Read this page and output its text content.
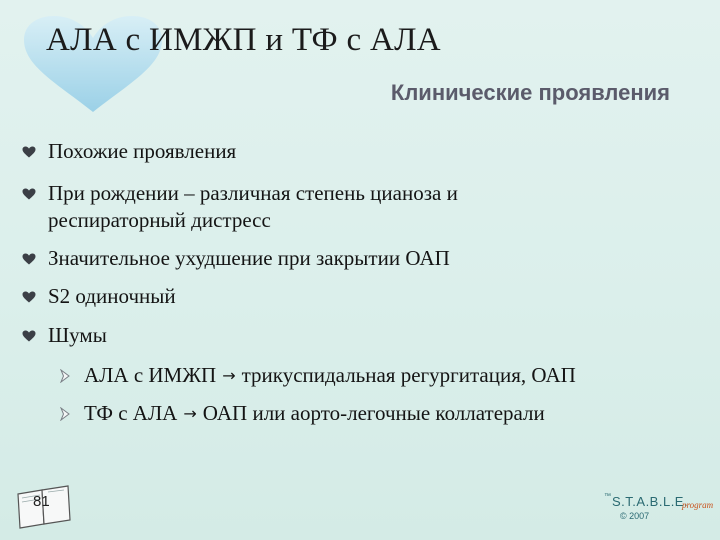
АЛА с ИМЖП и ТФ с АЛА
Клинические проявления
Похожие проявления
При рождении – различная степень цианоза и респираторный дистресс
Значительное ухудшение при закрытии ОАП
S2 одиночный
Шумы
АЛА с ИМЖП → трикуспидальная регургитация, ОАП
ТФ с АЛА → ОАП или аорто-легочные коллатерали
81	™ S.T.A.B.L.E.
program
© 2007
